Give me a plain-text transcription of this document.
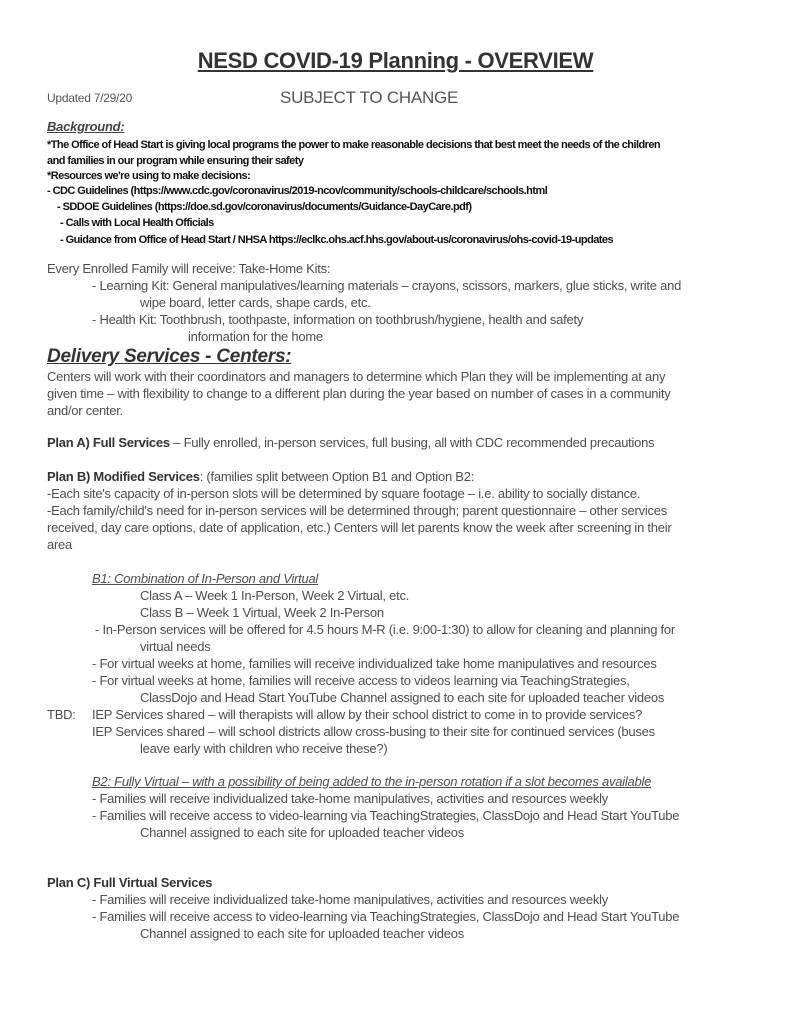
NESD COVID-19 Planning - OVERVIEW
Updated 7/29/20	SUBJECT TO CHANGE
Background:
*The Office of Head Start is giving local programs the power to make reasonable decisions that best meet the needs of the children
and families in our program while ensuring their safety
*Resources we're using to make decisions:
- CDC Guidelines (https://www.cdc.gov/coronavirus/2019-ncov/community/schools-childcare/schools.html
- SDDOE Guidelines (https://doe.sd.gov/coronavirus/documents/Guidance-DayCare.pdf)
- Calls with Local Health Officials
- Guidance from Office of Head Start / NHSA https://eclkc.ohs.acf.hhs.gov/about-us/coronavirus/ohs-covid-19-updates
Every Enrolled Family will receive: Take-Home Kits:
- Learning Kit: General manipulatives/learning materials – crayons, scissors, markers, glue sticks, write and
wipe board, letter cards, shape cards, etc.
- Health Kit: Toothbrush, toothpaste, information on toothbrush/hygiene, health and safety
information for the home
Delivery Services - Centers:
Centers will work with their coordinators and managers to determine which Plan they will be implementing at any
given time – with flexibility to change to a different plan during the year based on number of cases in a community
and/or center.
Plan A) Full Services – Fully enrolled, in-person services, full busing, all with CDC recommended precautions
Plan B) Modified Services: (families split between Option B1 and Option B2:
-Each site's capacity of in-person slots will be determined by square footage – i.e. ability to socially distance.
-Each family/child's need for in-person services will be determined through; parent questionnaire – other services
received, day care options, date of application, etc.) Centers will let parents know the week after screening in their
area
B1: Combination of In-Person and Virtual
Class A – Week 1 In-Person, Week 2 Virtual, etc.
Class B – Week 1 Virtual, Week 2 In-Person
- In-Person services will be offered for 4.5 hours M-R (i.e. 9:00-1:30) to allow for cleaning and planning for
virtual needs
- For virtual weeks at home, families will receive individualized take home manipulatives and resources
- For virtual weeks at home, families will receive access to videos learning via TeachingStrategies,
ClassDojo and Head Start YouTube Channel assigned to each site for uploaded teacher videos
TBD: IEP Services shared – will therapists will allow by their school district to come in to provide services?
IEP Services shared – will school districts allow cross-busing to their site for continued services (buses
leave early with children who receive these?)
B2: Fully Virtual – with a possibility of being added to the in-person rotation if a slot becomes available
- Families will receive individualized take-home manipulatives, activities and resources weekly
- Families will receive access to video-learning via TeachingStrategies, ClassDojo and Head Start YouTube
Channel assigned to each site for uploaded teacher videos
Plan C) Full Virtual Services
- Families will receive individualized take-home manipulatives, activities and resources weekly
- Families will receive access to video-learning via TeachingStrategies, ClassDojo and Head Start YouTube
Channel assigned to each site for uploaded teacher videos
